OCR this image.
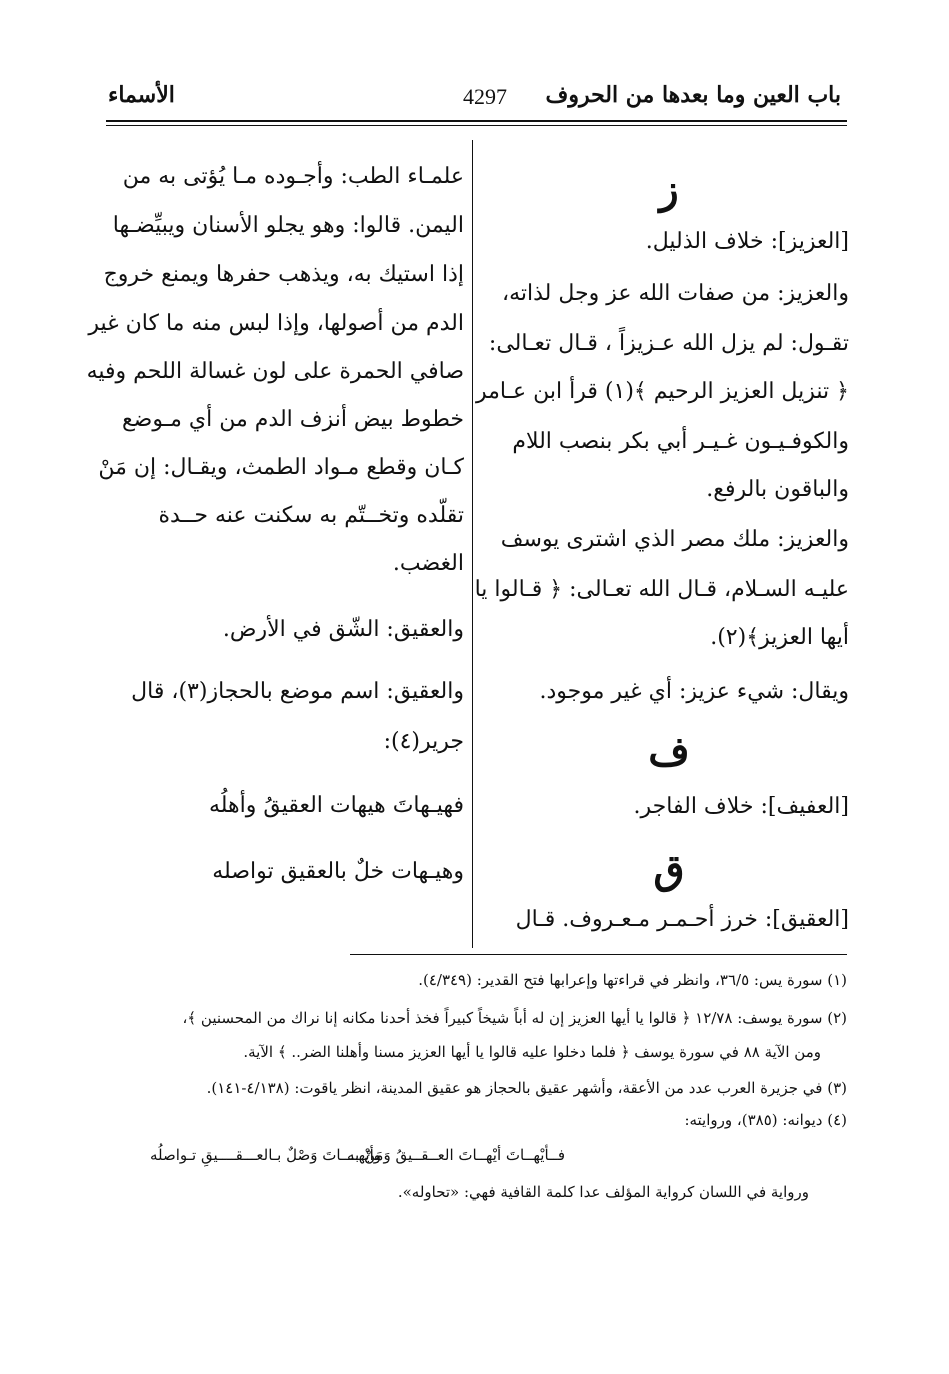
باب العين وما بعدها من الحروف
4297
الأسماء
ز
[العزيز]: خلاف الذليل.
والعزيز: من صفات الله عز وجل لذاته،
تقـول: لم يزل الله عـزيزاً ، قـال تعـالى:
﴿ تنزيل العزيز الرحيم ﴾(١) قرأ ابن عـامر
والكوفـيـون غـيـر أبي بكر بنصب اللام
والباقون بالرفع.
والعزيز: ملك مصر الذي اشترى يوسف
عليـه السـلام، قـال الله تعـالى: ﴿ قـالوا يا
أيها العزيز﴾(٢).
ويقال: شيء عزيز: أي غير موجود.
ف
[العفيف]: خلاف الفاجر.
ق
[العقيق]: خرز أحـمـر مـعـروف. قـال
علمـاء الطب: وأجـوده مـا يُؤتى به من
اليمن. قالوا: وهو يجلو الأسنان ويبيِّضـها
إذا استيك به، ويذهب حفرها ويمنع خروج
الدم من أصولها، وإذا لبس منه ما كان غير
صافي الحمرة على لون غسالة اللحم وفيه
خطوط بيض أنزف الدم من أي مـوضع
كـان وقطع مـواد الطمث، ويقـال: إن مَنْ
تقلّده وتخــتّم به سكنت عنه حــدة
الغضب.
والعقيق: الشّق في الأرض.
والعقيق: اسم موضع بالحجاز(٣)، قال
جرير(٤):
فهيـهاتَ هيهات العقيقُ وأهلُه
وهيـهات خلٌ بالعقيق تواصله
(١) سورة يس: ٣٦/٥، وانظر في قراءتها وإعرابها فتح القدير: (٤/٣٤٩).
(٢) سورة يوسف: ١٢/٧٨ ﴿ قالوا يا أيها العزيز إن له أباً شيخاً كبيراً فخذ أحدنا مكانه إنا نراك من المحسنين ﴾،
ومن الآية ٨٨ في سورة يوسف ﴿ فلما دخلوا عليه قالوا يا أيها العزيز مسنا وأهلنا الضر.. ﴾ الآية.
(٣) في جزيرة العرب عدد من الأعقة، وأشهر عقيق بالحجاز هو عقيق المدينة، انظر ياقوت: (٤/١٣٨-١٤١).
(٤) ديوانه: (٣٨٥)، وروايته:
فــأيْهــاتَ أيْهــاتَ العــقــيقُ وَمَنْ به
وأيْهــــاتَ وَصْلٌ بـالعـــقــــيقِ تـواصلُه
ورواية في اللسان كرواية المؤلف عدا كلمة القافية فهي: «تحاوله».
